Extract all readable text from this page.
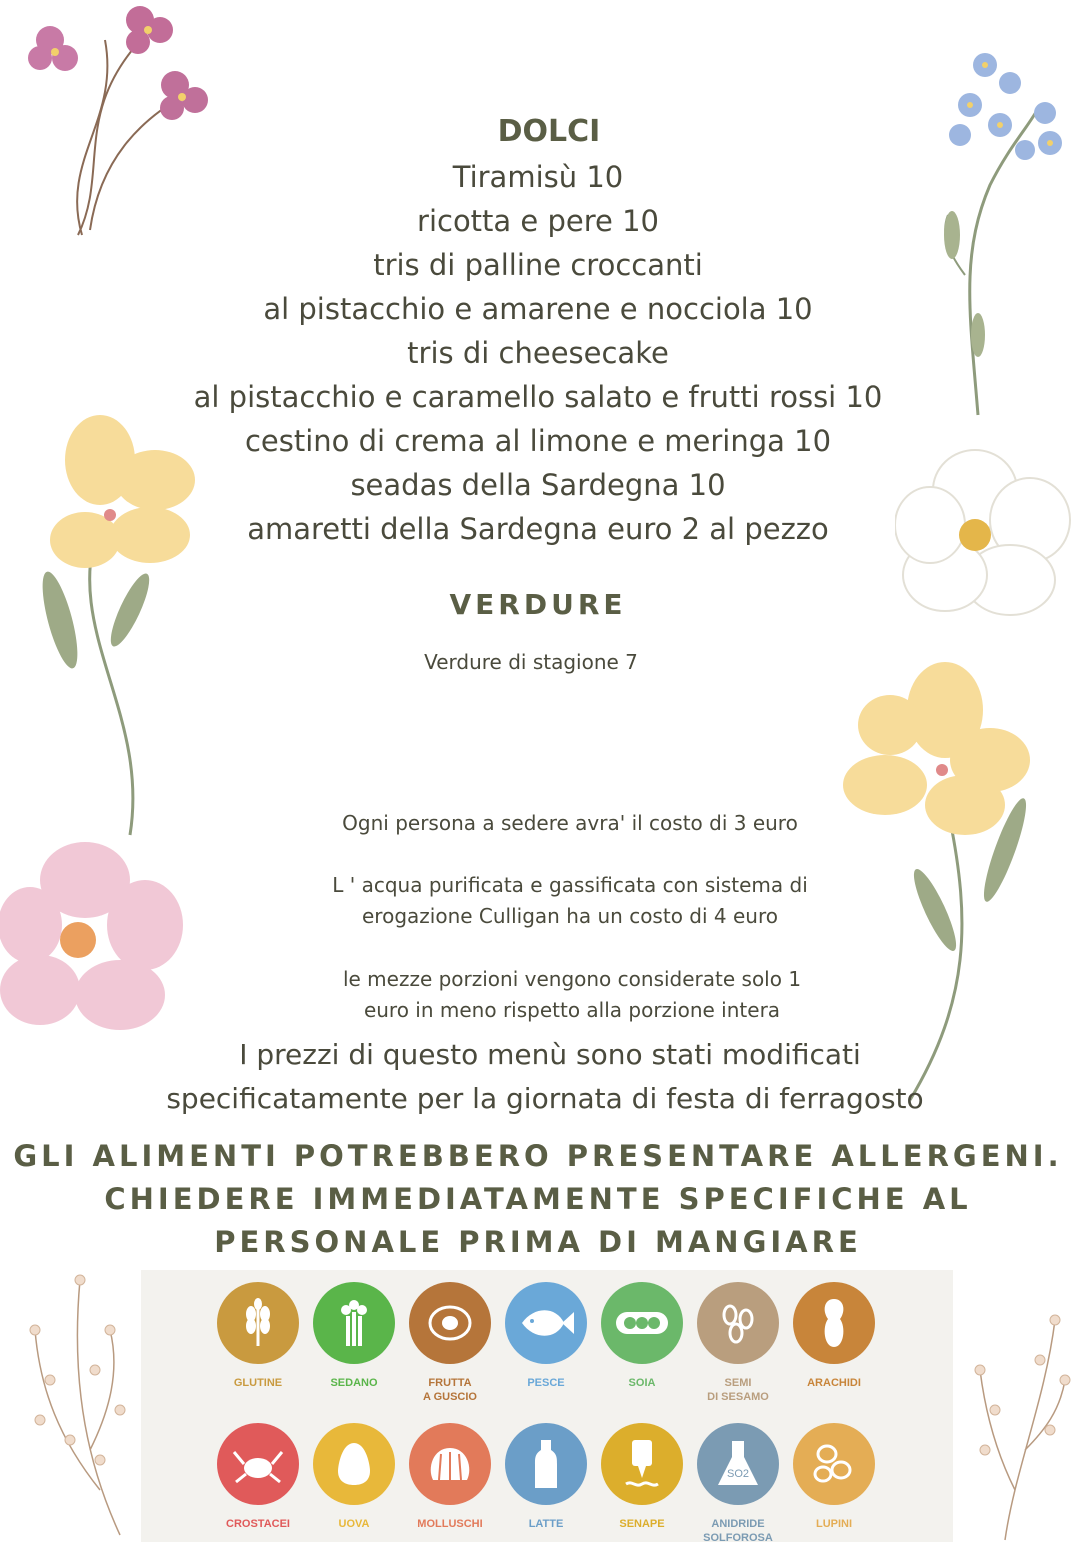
DOLCI
Tiramisù 10
ricotta e pere 10
tris di palline croccanti
al pistacchio e amarene e nocciola 10
tris di cheesecake
al pistacchio e caramello salato e frutti rossi 10
cestino di crema al limone e meringa 10
seadas della Sardegna 10
amaretti della Sardegna euro 2 al pezzo
VERDURE
Verdure di stagione 7
Ogni persona a sedere avra' il costo di 3 euro
L ' acqua purificata e gassificata con sistema di
erogazione Culligan ha un costo di 4 euro
le mezze porzioni vengono considerate solo 1
euro in meno rispetto alla porzione intera
I prezzi di questo menù sono stati modificati
specificatamente per la giornata di festa di ferragosto
GLI ALIMENTI POTREBBERO PRESENTARE ALLERGENI.
CHIEDERE IMMEDIATAMENTE SPECIFICHE AL
PERSONALE PRIMA DI MANGIARE
GLUTINE	SEDANO	FRUTTA
A GUSCIO
PESCE	SOIA	SEMI
DI SESAMO
ARACHIDI
CROSTACEI	UOVA	MOLLUSCHI	LATTE	SENAPE
SO2
ANIDRIDE
SOLFOROSA
LUPINI
